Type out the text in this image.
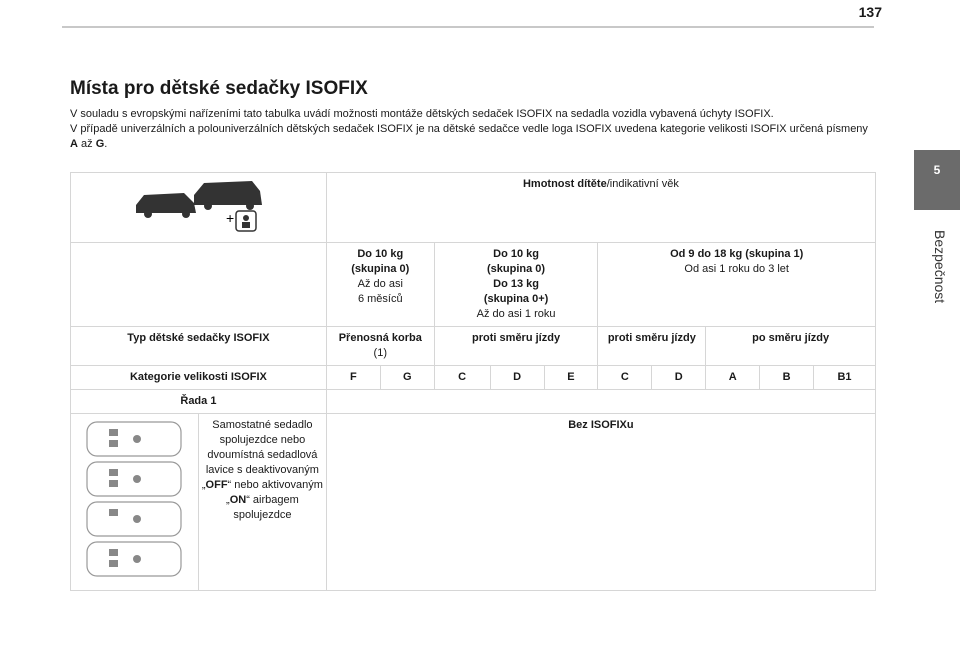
137
5
Bezpečnost
Místa pro dětské sedačky ISOFIX

V souladu s evropskými nařízeními tato tabulka uvádí možnosti montáže dětských sedaček ISOFIX na sedadla vozidla vybavená úchyty ISOFIX.

V případě univerzálních a polouniverzálních dětských sedaček ISOFIX je na dětské sedačce vedle loga ISOFIX uvedena kategorie velikosti ISOFIX určená písmeny A až G.

+		Hmotnost dítěte/indikativní věk									
		Do 10 kg
(skupina 0)
Až do asi
6 měsíců		Do 10 kg
(skupina 0)
Do 13 kg
(skupina 0+)
Až do asi 1 roku			Od 9 do 18 kg (skupina 1)
Od asi 1 roku do 3 let				
Typ dětské sedačky ISOFIX		Přenosná korba
(1)		proti směru jízdy			proti směru jízdy		po směru jízdy		
Kategorie velikosti ISOFIX		F	G	C	D	E	C	D	A	B	B1
Řada 1											

	Samostatné sedadlo spolujezdce nebo dvoumístná sedadlová lavice s deaktivovaným „OFF“ nebo aktivovaným „ON“ airbagem spolujezdce	Bez ISOFIXu									
